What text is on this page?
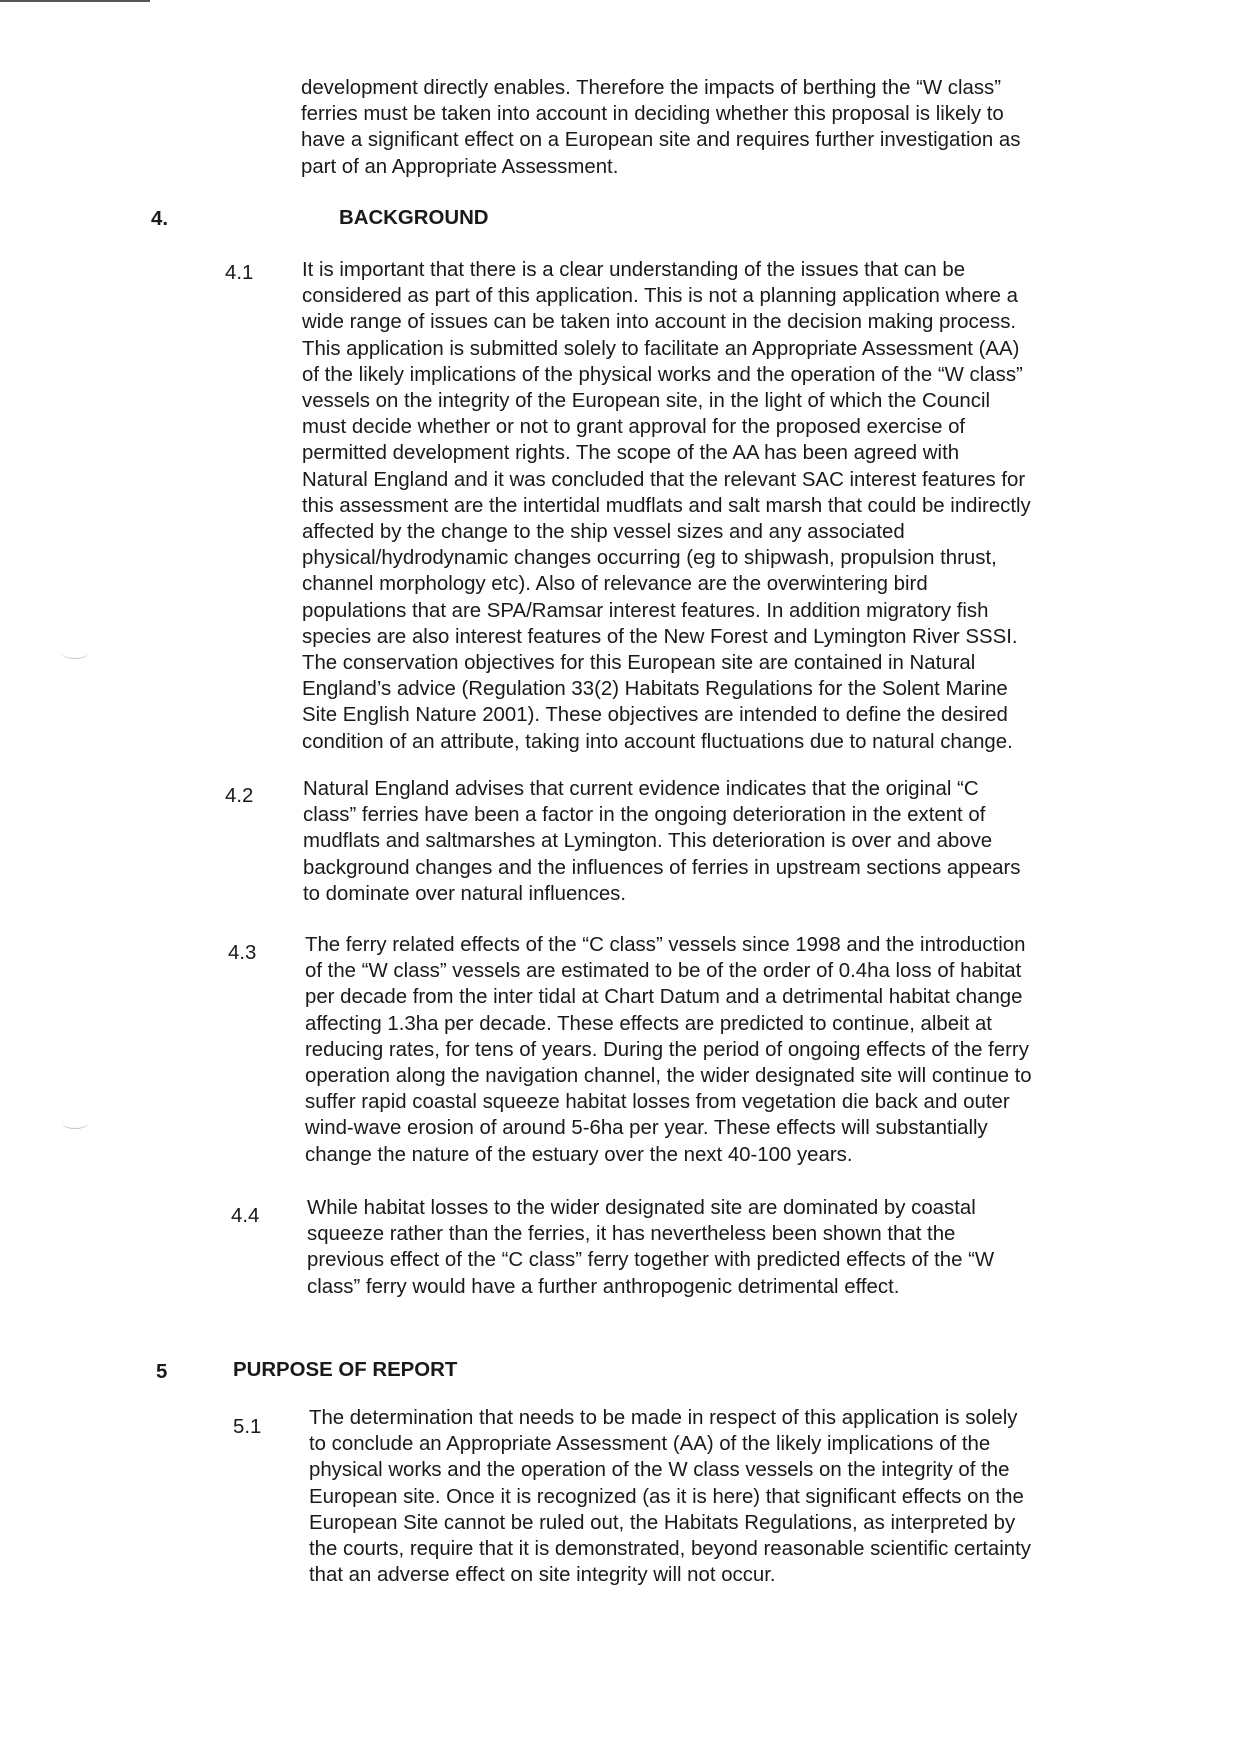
development directly enables. Therefore the impacts of berthing the “W class”
ferries must be taken into account in deciding whether this proposal is likely to
have a significant effect on a European site and requires further investigation as
part of an Appropriate Assessment.

4.	BACKGROUND
4.1 It is important that there is a clear understanding of the issues that can be
considered as part of this application. This is not a planning application where a
wide range of issues can be taken into account in the decision making process.
This application is submitted solely to facilitate an Appropriate Assessment (AA)
of the likely implications of the physical works and the operation of the “W class”
vessels on the integrity of the European site, in the light of which the Council
must decide whether or not to grant approval for the proposed exercise of
permitted development rights. The scope of the AA has been agreed with
Natural England and it was concluded that the relevant SAC interest features for
this assessment are the intertidal mudflats and salt marsh that could be indirectly
affected by the change to the ship vessel sizes and any associated
physical/hydrodynamic changes occurring (eg to shipwash, propulsion thrust,
channel morphology etc). Also of relevance are the overwintering bird
populations that are SPA/Ramsar interest features. In addition migratory fish
species are also interest features of the New Forest and Lymington River SSSI.
The conservation objectives for this European site are contained in Natural
England’s advice (Regulation 33(2) Habitats Regulations for the Solent Marine
Site English Nature 2001). These objectives are intended to define the desired
condition of an attribute, taking into account fluctuations due to natural change.

4.2 Natural England advises that current evidence indicates that the original “C
class” ferries have been a factor in the ongoing deterioration in the extent of
mudflats and saltmarshes at Lymington. This deterioration is over and above
background changes and the influences of ferries in upstream sections appears
to dominate over natural influences.

4.3 The ferry related effects of the “C class” vessels since 1998 and the introduction
of the “W class” vessels are estimated to be of the order of 0.4ha loss of habitat
per decade from the inter tidal at Chart Datum and a detrimental habitat change
affecting 1.3ha per decade. These effects are predicted to continue, albeit at
reducing rates, for tens of years. During the period of ongoing effects of the ferry
operation along the navigation channel, the wider designated site will continue to
suffer rapid coastal squeeze habitat losses from vegetation die back and outer
wind-wave erosion of around 5-6ha per year. These effects will substantially
change the nature of the estuary over the next 40-100 years.

4.4 While habitat losses to the wider designated site are dominated by coastal
squeeze rather than the ferries, it has nevertheless been shown that the
previous effect of the “C class” ferry together with predicted effects of the “W
class” ferry would have a further anthropogenic detrimental effect.

5	PURPOSE OF REPORT
5.1 The determination that needs to be made in respect of this application is solely
to conclude an Appropriate Assessment (AA) of the likely implications of the
physical works and the operation of the W class vessels on the integrity of the
European site. Once it is recognized (as it is here) that significant effects on the
European Site cannot be ruled out, the Habitats Regulations, as interpreted by
the courts, require that it is demonstrated, beyond reasonable scientific certainty
that an adverse effect on site integrity will not occur.
